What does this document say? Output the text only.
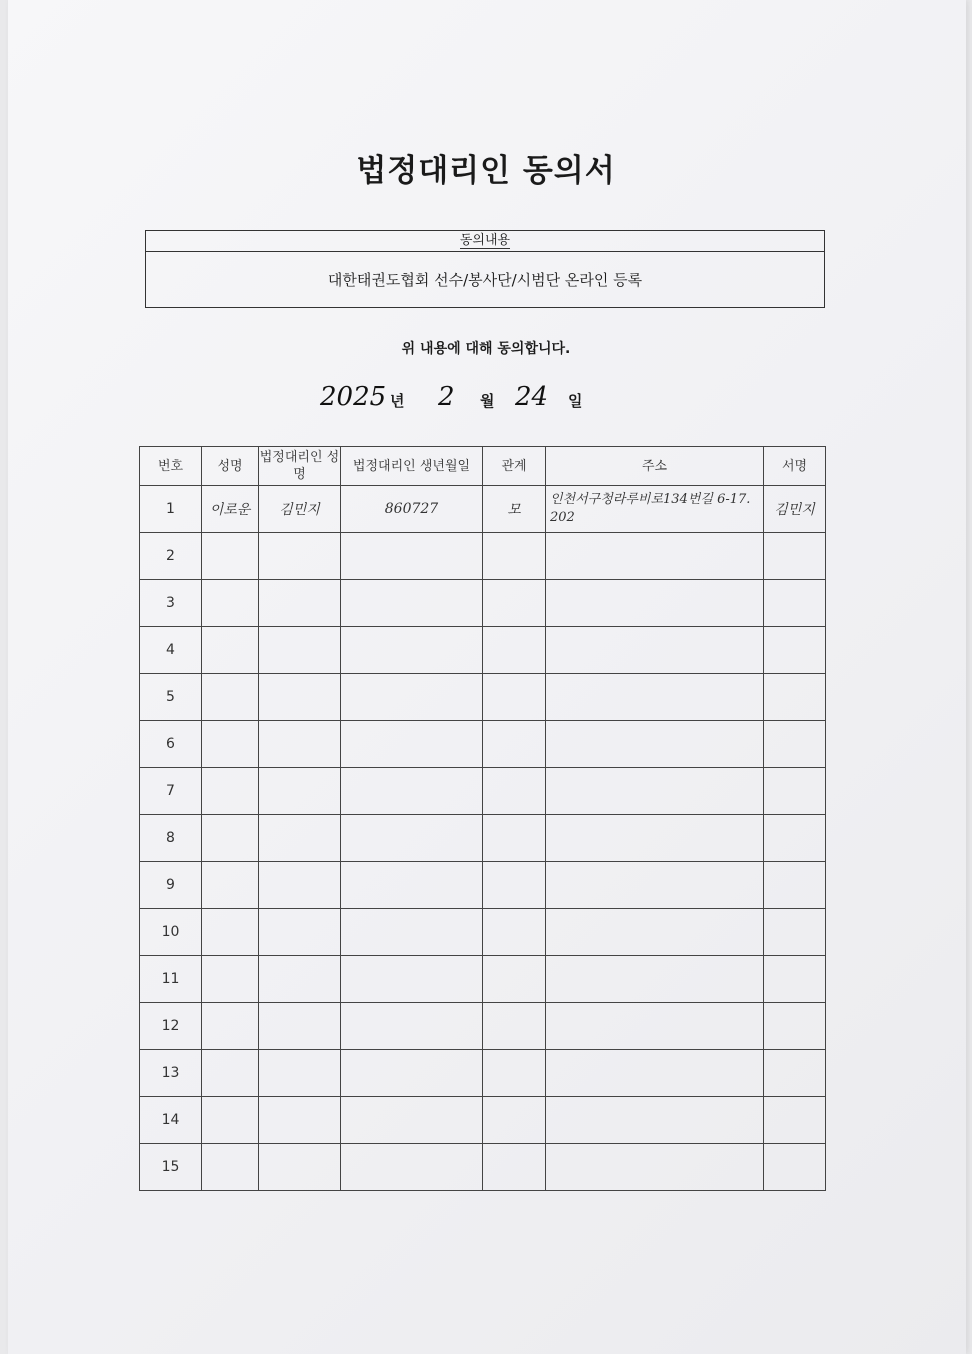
법정대리인 동의서
동의내용
대한태권도협회 선수/봉사단/시범단 온라인 등록
위 내용에 대해 동의합니다.
2025 년 2 월 24 일
번호	성명	법정대리인 성명	법정대리인 생년월일	관계	주소	서명
1	이로운	김민지	860727	모	인천서구청라루비로134번길 6-17. 202	김민지
2						
3						
4						
5						
6						
7						
8						
9						
10						
11						
12						
13						
14						
15						
